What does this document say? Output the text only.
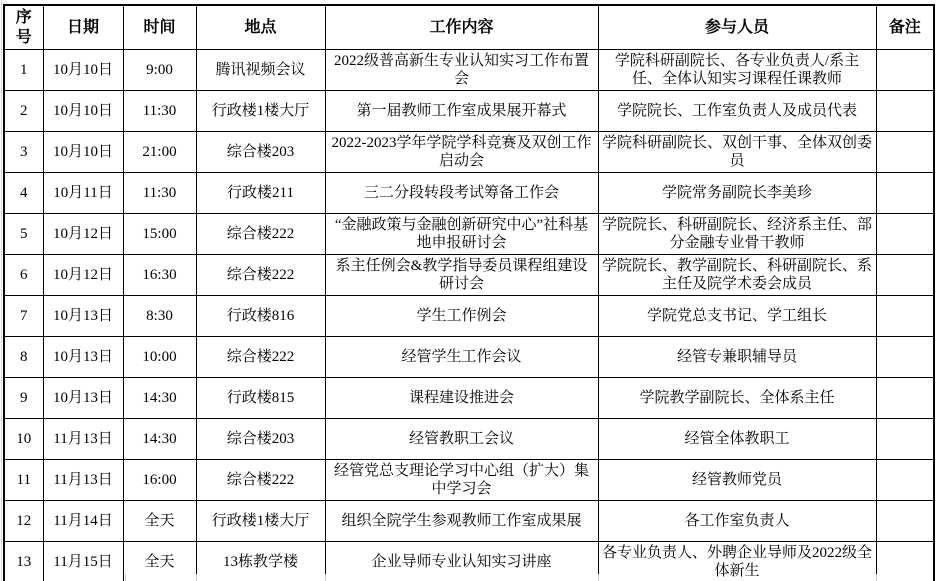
序号	日期	时间	地点	工作内容	参与人员	备注
1	10月10日	9:00	腾讯视频会议	2022级普高新生专业认知实习工作布置会	学院科研副院长、各专业负责人/系主任、全体认知实习课程任课教师	
2	10月10日	11:30	行政楼1楼大厅	第一届教师工作室成果展开幕式	学院院长、工作室负责人及成员代表	
3	10月10日	21:00	综合楼203	2022-2023学年学院学科竞赛及双创工作启动会	学院科研副院长、双创干事、全体双创委员	
4	10月11日	11:30	行政楼211	三二分段转段考试筹备工作会	学院常务副院长李美珍	
5	10月12日	15:00	综合楼222	“金融政策与金融创新研究中心”社科基地申报研讨会	学院院长、科研副院长、经济系主任、部分金融专业骨干教师	
6	10月12日	16:30	综合楼222	系主任例会&教学指导委员课程组建设研讨会	学院院长、教学副院长、科研副院长、系主任及院学术委会成员	
7	10月13日	8:30	行政楼816	学生工作例会	学院党总支书记、学工组长	
8	10月13日	10:00	综合楼222	经管学生工作会议	经管专兼职辅导员	
9	10月13日	14:30	行政楼815	课程建设推进会	学院教学副院长、全体系主任	
10	11月13日	14:30	综合楼203	经管教职工会议	经管全体教职工	
11	11月13日	16:00	综合楼222	经管党总支理论学习中心组（扩大）集中学习会	经管教师党员	
12	11月14日	全天	行政楼1楼大厅	组织全院学生参观教师工作室成果展	各工作室负责人	
13	11月15日	全天	13栋教学楼	企业导师专业认知实习讲座	各专业负责人、外聘企业导师及2022级全体新生	
